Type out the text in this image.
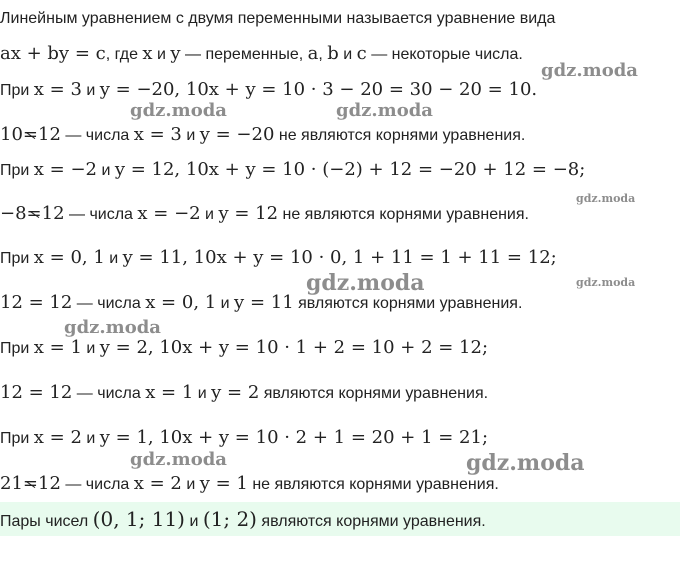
Линейным уравнением с двумя переменными называется уравнение вида
ax + by = c, где x и y — переменные, a, b и c — некоторые числа.
При x = 3 и y = −20, 10x + y = 10 · 3 − 20 = 30 − 20 = 10.
10=12 — числа x = 3 и y = −20 не являются корнями уравнения.
При x = −2 и y = 12, 10x + y = 10 · (−2) + 12 = −20 + 12 = −8;
−8=12 — числа x = −2 и y = 12 не являются корнями уравнения.
При x = 0, 1 и y = 11, 10x + y = 10 · 0, 1 + 11 = 1 + 11 = 12;
12 = 12 — числа x = 0, 1 и y = 11 являются корнями уравнения.
При x = 1 и y = 2, 10x + y = 10 · 1 + 2 = 10 + 2 = 12;
12 = 12 — числа x = 1 и y = 2 являются корнями уравнения.
При x = 2 и y = 1, 10x + y = 10 · 2 + 1 = 20 + 1 = 21;
21=12 — числа x = 2 и y = 1 не являются корнями уравнения.
Пары чисел (0, 1; 11) и (1; 2) являются корнями уравнения.
gdz.moda
gdz.moda	gdz.moda
gdz.moda
gdz.moda	gdz.moda
gdz.moda
gdz.moda	gdz.moda
